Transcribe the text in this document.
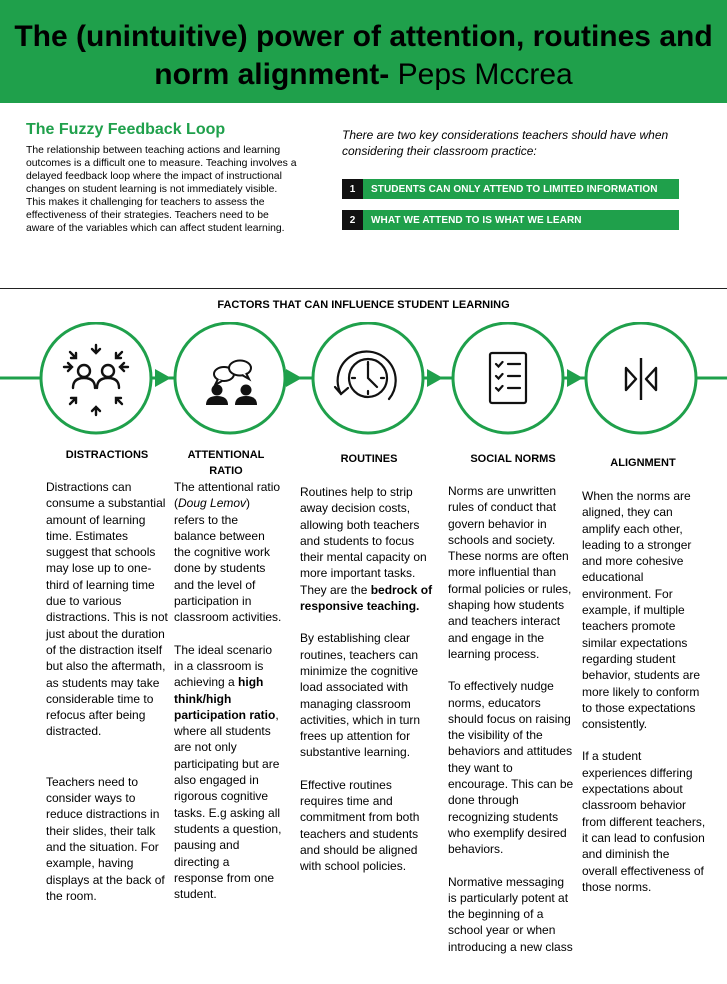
The (unintuitive) power of attention, routines and norm alignment- Peps Mccrea
The Fuzzy Feedback Loop
The relationship between teaching actions and learning outcomes is a difficult one to measure. Teaching involves a delayed feedback loop where the impact of instructional changes on student learning is not immediately visible. This makes it challenging for teachers to assess the effectiveness of their strategies. Teachers need to be aware of the variables which can affect student learning.
There are two key considerations teachers should have when considering their classroom practice:
1	STUDENTS CAN ONLY ATTEND TO LIMITED INFORMATION
2	WHAT WE ATTEND TO IS WHAT WE LEARN
FACTORS THAT CAN INFLUENCE STUDENT LEARNING
DISTRACTIONS	ATTENTIONAL RATIO
ROUTINES	SOCIAL NORMS	ALIGNMENT

Distractions can consume a substantial amount of learning time. Estimates suggest that schools may lose up to one-third of learning time due to various distractions. This is not just about the duration of the distraction itself but also the aftermath, as students may take considerable time to refocus after being distracted.

Teachers need to consider ways to reduce distractions in their slides, their talk and the situation. For example, having displays at the back of the room.

The attentional ratio (Doug Lemov) refers to the balance between the cognitive work done by students and the level of participation in classroom activities.

The ideal scenario in a classroom is achieving a high think/high participation ratio, where all students are not only participating but are also engaged in rigorous cognitive tasks. E.g asking all students a question, pausing and directing a response from one student.

Routines help to strip away decision costs, allowing both teachers and students to focus their mental capacity on more important tasks. They are the bedrock of responsive teaching.

By establishing clear routines, teachers can minimize the cognitive load associated with managing classroom activities, which in turn frees up attention for substantive learning.

Effective routines requires time and commitment from both teachers and students and should be aligned with school policies.

Norms are unwritten rules of conduct that govern behavior in schools and society. These norms are often more influential than formal policies or rules, shaping how students and teachers interact and engage in the learning process.

To effectively nudge norms, educators should focus on raising the visibility of the behaviors and attitudes they want to encourage. This can be done through recognizing students who exemplify desired behaviors.

Normative messaging is particularly potent at the beginning of a school year or when introducing a new class

When the norms are aligned, they can amplify each other, leading to a stronger and more cohesive educational environment. For example, if multiple teachers promote similar expectations regarding student behavior, students are more likely to conform to those expectations consistently.

If a student experiences differing expectations about classroom behavior from different teachers, it can lead to confusion and diminish the overall effectiveness of those norms.
